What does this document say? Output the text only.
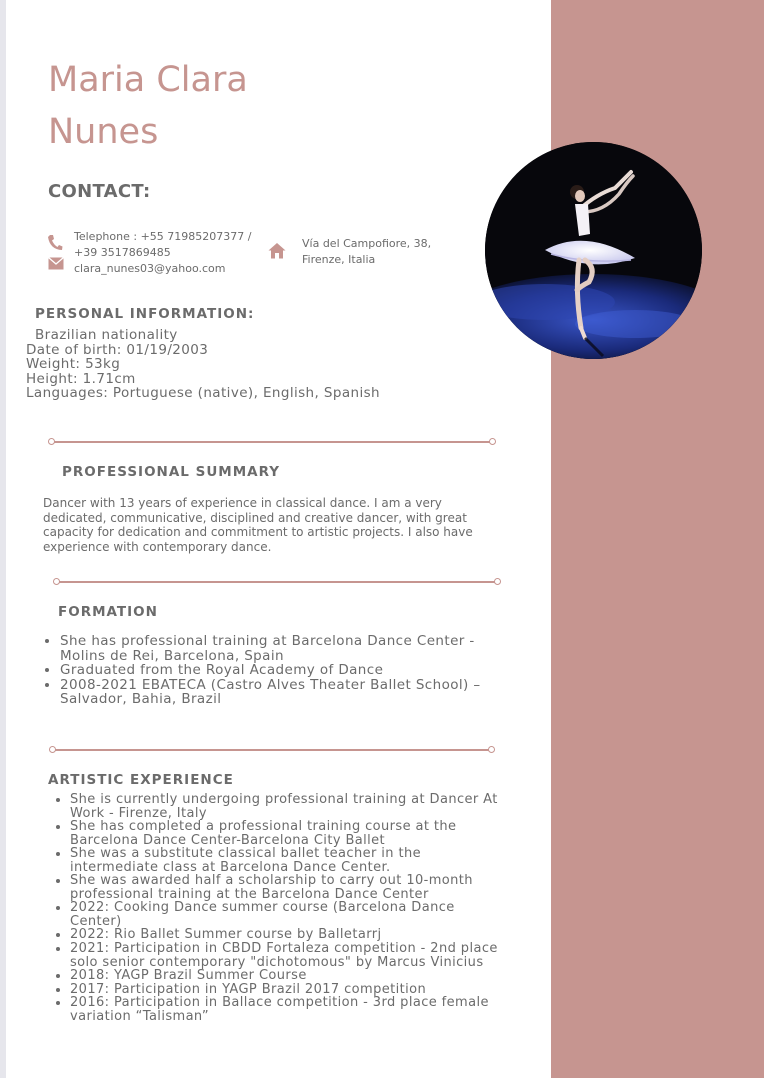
Maria Clara
Nunes
CONTACT:

Telephone : +55 71985207377 / +39 3517869485

clara_nunes03@yahoo.com

Vía del Campofiore, 38, Firenze, Italia

PERSONAL INFORMATION:
Brazilian nationality
Date of birth: 01/19/2003
Weight: 53kg
Height: 1.71cm
Languages: Portuguese (native), English, Spanish
PROFESSIONAL SUMMARY

Dancer with 13 years of experience in classical dance. I am a very dedicated, communicative, disciplined and creative dancer, with great capacity for dedication and commitment to artistic projects. I also have experience with contemporary dance.

FORMATION
• She has professional training at Barcelona Dance Center - Molins de Rei, Barcelona, Spain
• Graduated from the Royal Academy of Dance
• 2008-2021 EBATECA (Castro Alves Theater Ballet School) – Salvador, Bahia, Brazil
ARTISTIC EXPERIENCE
• She is currently undergoing professional training at Dancer At Work - Firenze, Italy
• She has completed a professional training course at the Barcelona Dance Center-Barcelona City Ballet
• She was a substitute classical ballet teacher in the intermediate class at Barcelona Dance Center.
• She was awarded half a scholarship to carry out 10-month professional training at the Barcelona Dance Center
• 2022: Cooking Dance summer course (Barcelona Dance Center)
• 2022: Rio Ballet Summer course by Balletarrj
• 2021: Participation in CBDD Fortaleza competition - 2nd place solo senior contemporary "dichotomous" by Marcus Vinicius
• 2018: YAGP Brazil Summer Course
• 2017: Participation in YAGP Brazil 2017 competition
• 2016: Participation in Ballace competition - 3rd place female variation “Talisman”
